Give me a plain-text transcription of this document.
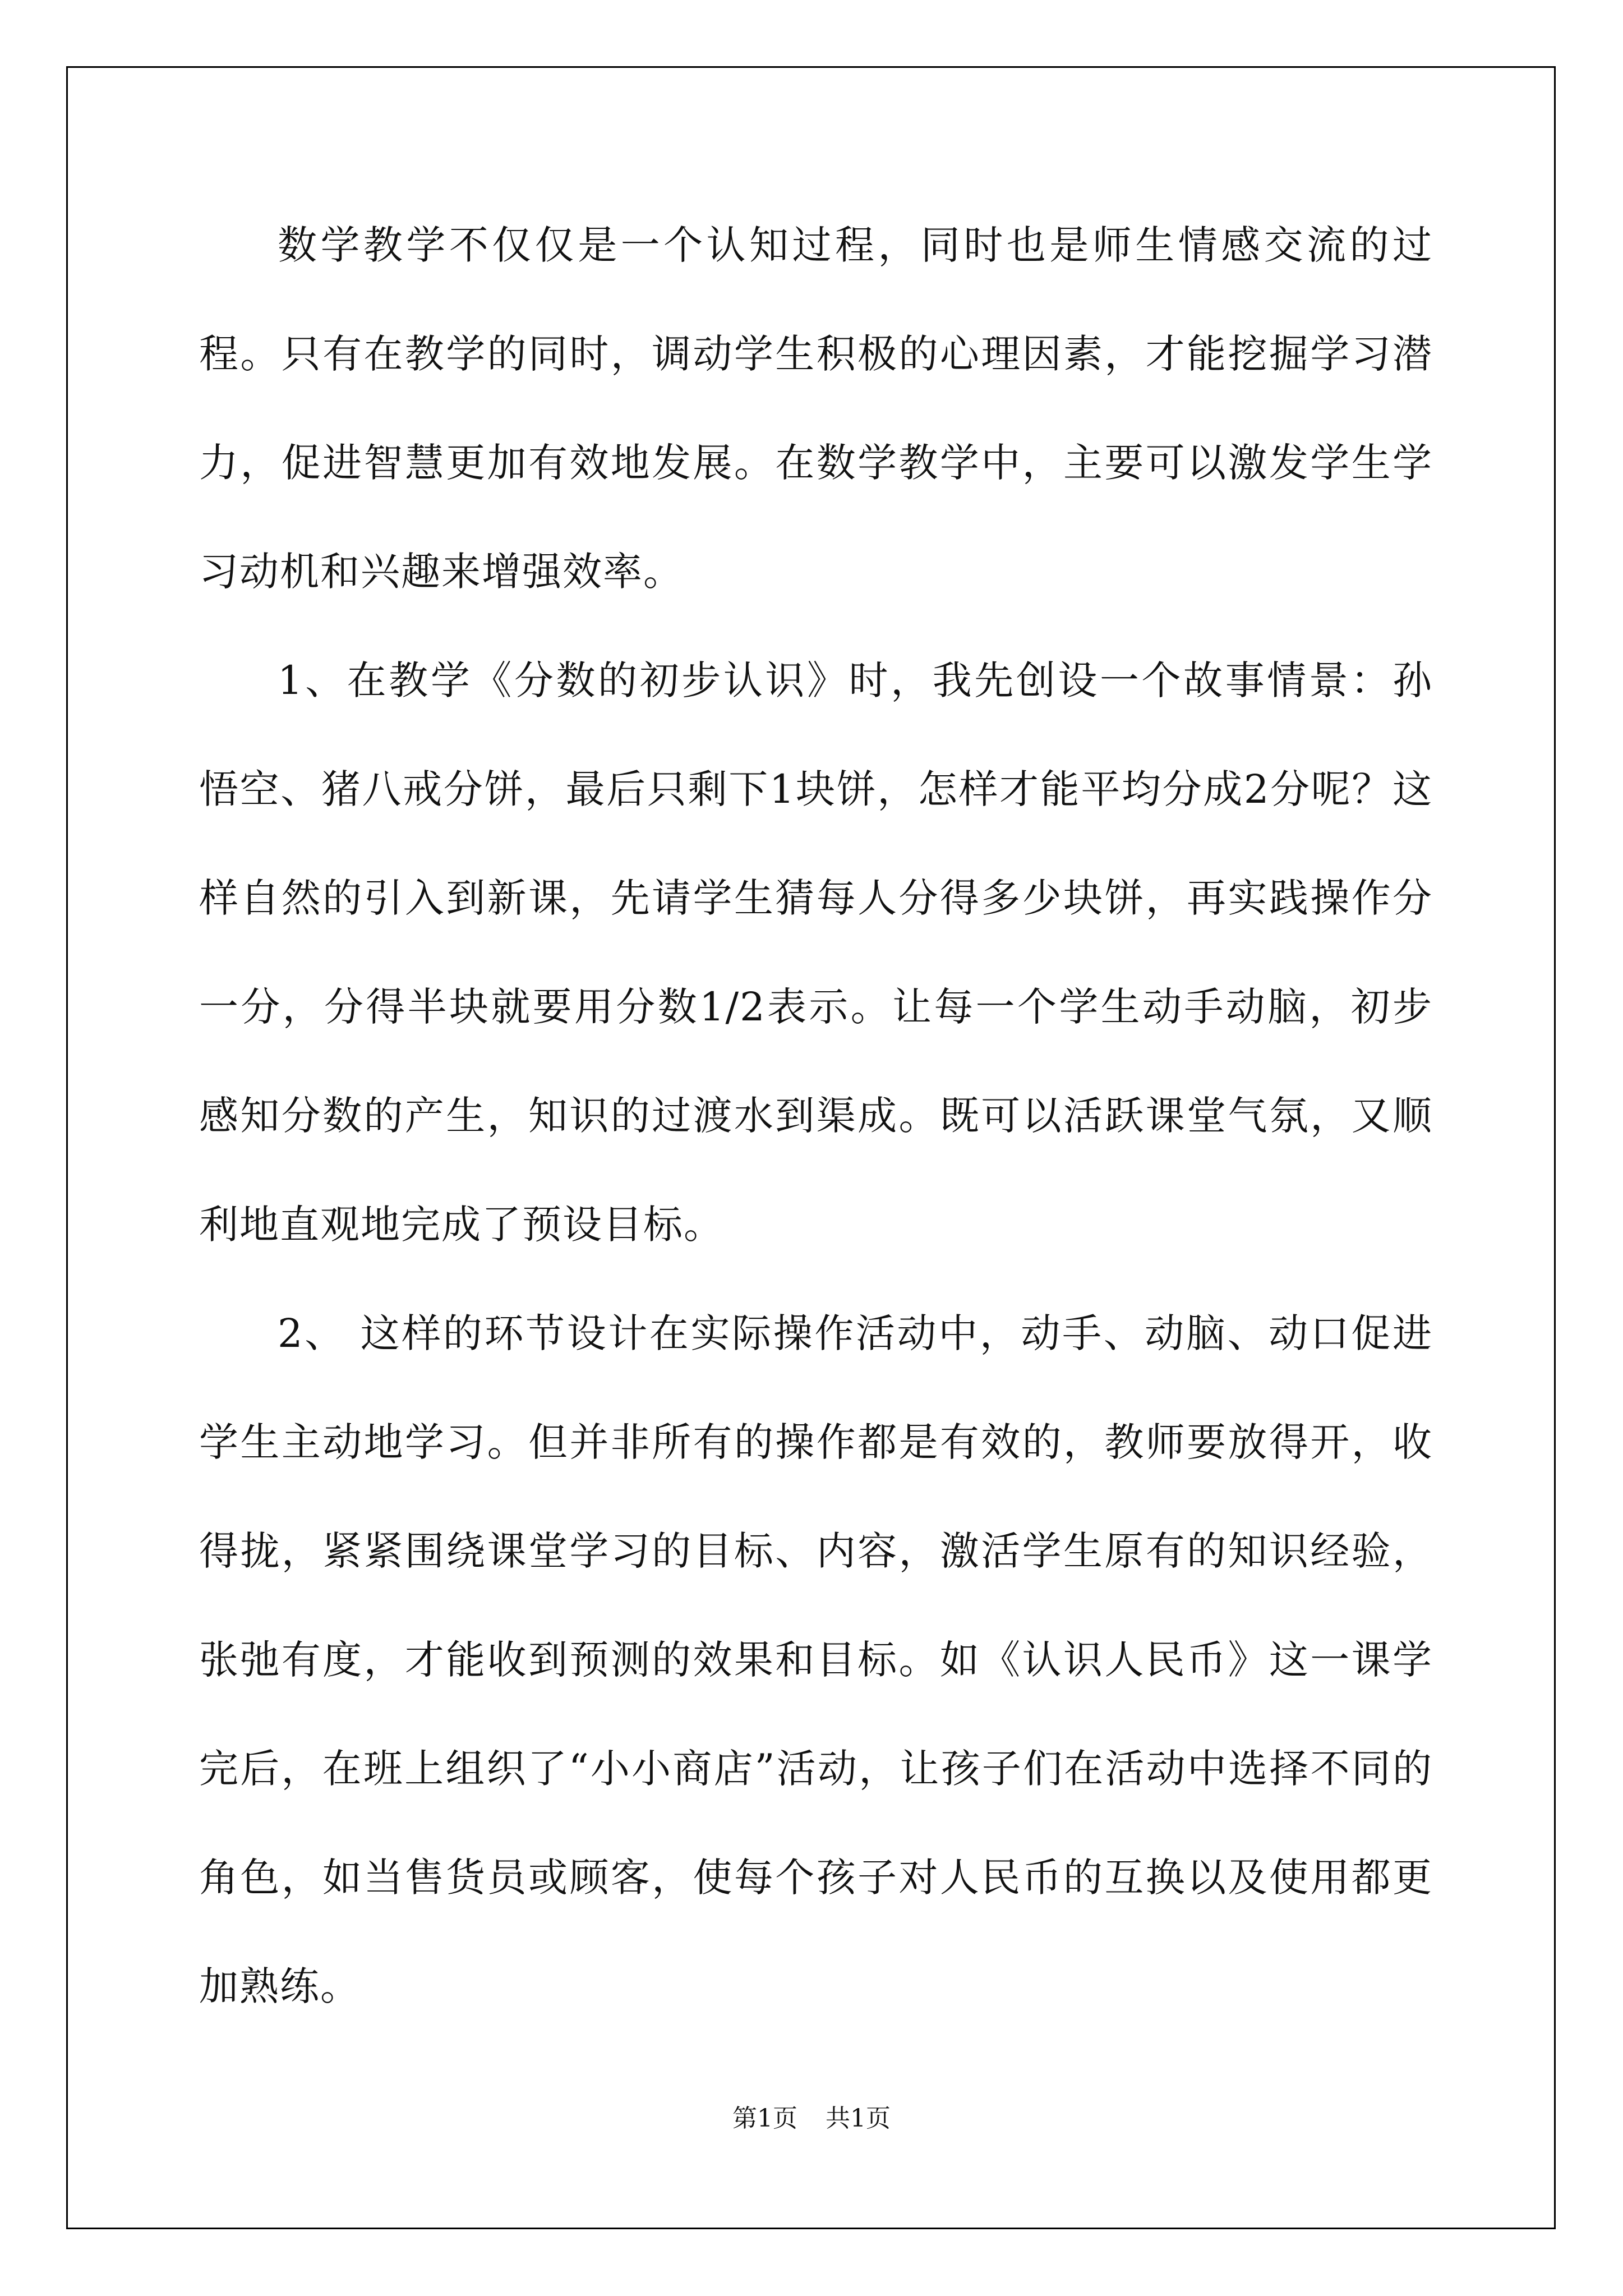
数学教学不仅仅是一个认知过程，同时也是师生情感交流的过程。只有在教学的同时，调动学生积极的心理因素，才能挖掘学习潜力，促进智慧更加有效地发展。在数学教学中，主要可以激发学生学习动机和兴趣来增强效率。

1、在教学《分数的初步认识》时，我先创设一个故事情景：孙悟空、猪八戒分饼，最后只剩下1块饼，怎样才能平均分成2分呢？这样自然的引入到新课，先请学生猜每人分得多少块饼，再实践操作分一分，分得半块就要用分数1/2表示。让每一个学生动手动脑，初步感知分数的产生，知识的过渡水到渠成。既可以活跃课堂气氛，又顺利地直观地完成了预设目标。

2、 这样的环节设计在实际操作活动中，动手、动脑、动口促进学生主动地学习。但并非所有的操作都是有效的，教师要放得开，收得拢，紧紧围绕课堂学习的目标、内容，激活学生原有的知识经验，张弛有度，才能收到预测的效果和目标。如《认识人民币》这一课学完后，在班上组织了“小小商店”活动，让孩子们在活动中选择不同的角色，如当售货员或顾客，使每个孩子对人民币的互换以及使用都更加熟练。

第1页 共1页
